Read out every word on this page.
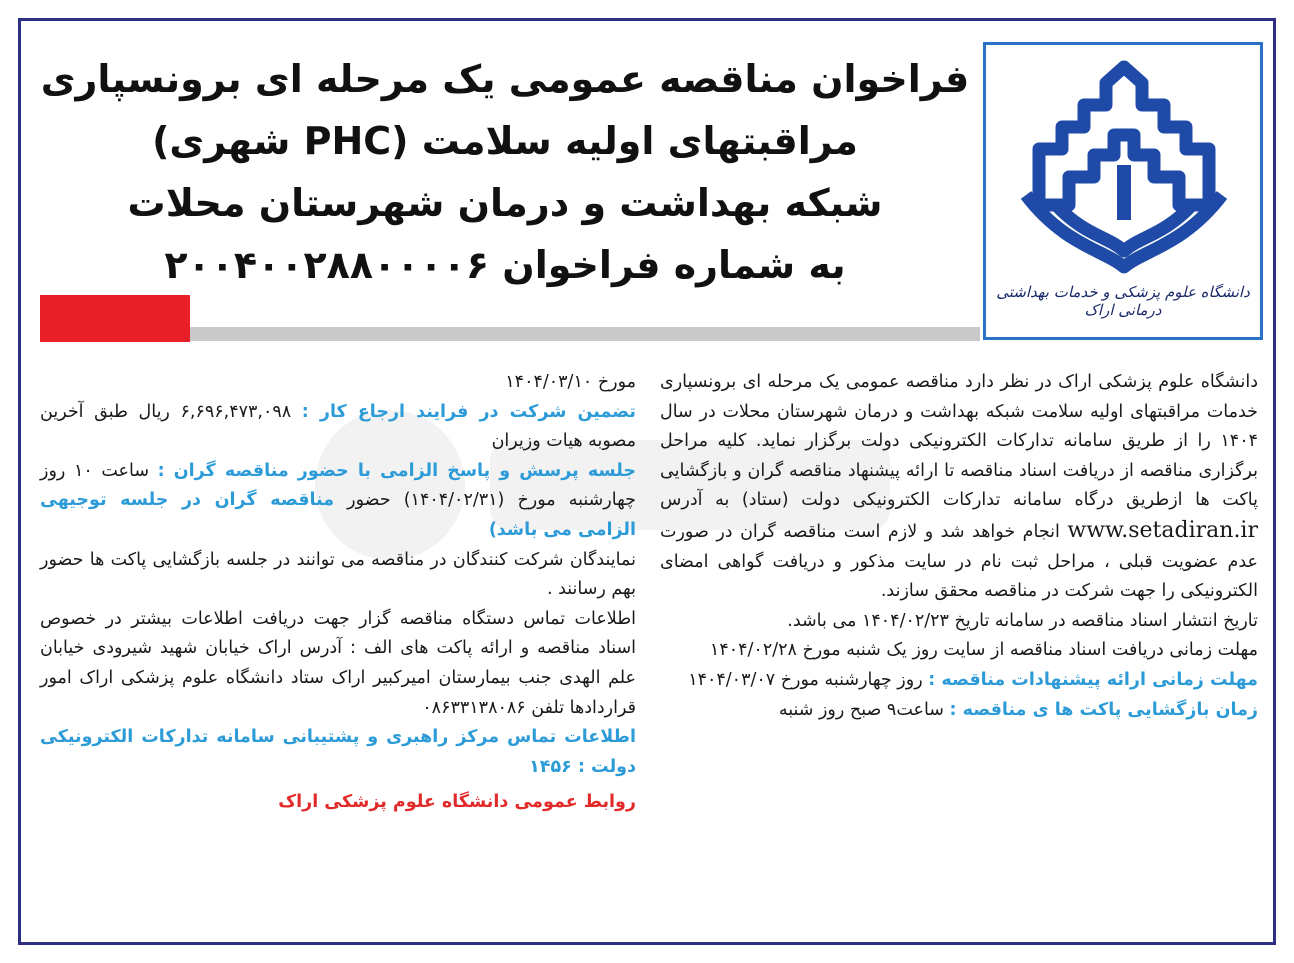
دانشگاه علوم پزشکی و خدمات بهداشتی درمانی اراک
فراخوان مناقصه عمومی یک مرحله ای برونسپاری
مراقبتهای اولیه سلامت (PHC شهری)
شبکه بهداشت و درمان شهرستان محلات
به شماره فراخوان ۲۰۰۴۰۰۲۸۸۰۰۰۰۶

دانشگاه علوم پزشکی اراک در نظر دارد مناقصه عمومی یک مرحله ای برونسپاری خدمات مراقبتهای اولیه سلامت شبکه بهداشت و درمان شهرستان محلات در سال ۱۴۰۴ را از طریق سامانه تدارکات الکترونیکی دولت برگزار نماید. کلیه مراحل برگزاری مناقصه از دریافت اسناد مناقصه تا ارائه پیشنهاد مناقصه گران و بازگشایی پاکت ها ازطریق درگاه سامانه تدارکات الکترونیکی دولت (ستاد) به آدرس www.setadiran.ir انجام خواهد شد و لازم است مناقصه گران در صورت عدم عضویت قبلی ، مراحل ثبت نام در سایت مذکور و دریافت گواهی امضای الکترونیکی را جهت شرکت در مناقصه محقق سازند.

تاریخ انتشار اسناد مناقصه در سامانه تاریخ ۱۴۰۴/۰۲/۲۳ می باشد.

مهلت زمانی دریافت اسناد مناقصه از سایت روز یک شنبه مورخ ۱۴۰۴/۰۲/۲۸

مهلت زمانی ارائه پیشنهادات مناقصه : روز چهارشنبه مورخ ۱۴۰۴/۰۳/۰۷

زمان بازگشایی پاکت ها ی مناقصه : ساعت۹ صبح روز شنبه

مورخ ۱۴۰۴/۰۳/۱۰

تضمین شرکت در فرایند ارجاع کار : ۶,۶۹۶,۴۷۳,۰۹۸ ریال طبق آخرین مصوبه هیات وزیران

جلسه پرسش و پاسخ الزامی با حضور مناقصه گران : ساعت ۱۰ روز چهارشنبه مورخ (۱۴۰۴/۰۲/۳۱) حضور مناقصه گران در جلسه توجیهی الزامی می باشد)

نمایندگان شرکت کنندگان در مناقصه می توانند در جلسه بازگشایی پاکت ها حضور بهم رسانند .

اطلاعات تماس دستگاه مناقصه گزار جهت دریافت اطلاعات بیشتر در خصوص اسناد مناقصه و ارائه پاکت های الف : آدرس اراک خیابان شهید شیرودی خیابان علم الهدی جنب بیمارستان امیرکبیر اراک ستاد دانشگاه علوم پزشکی اراک امور قراردادها تلفن ۰۸۶۳۳۱۳۸۰۸۶

اطلاعات تماس مرکز راهبری و پشتیبانی سامانه تدارکات الکترونیکی دولت : ۱۴۵۶

روابط عمومی دانشگاه علوم پزشکی اراک
